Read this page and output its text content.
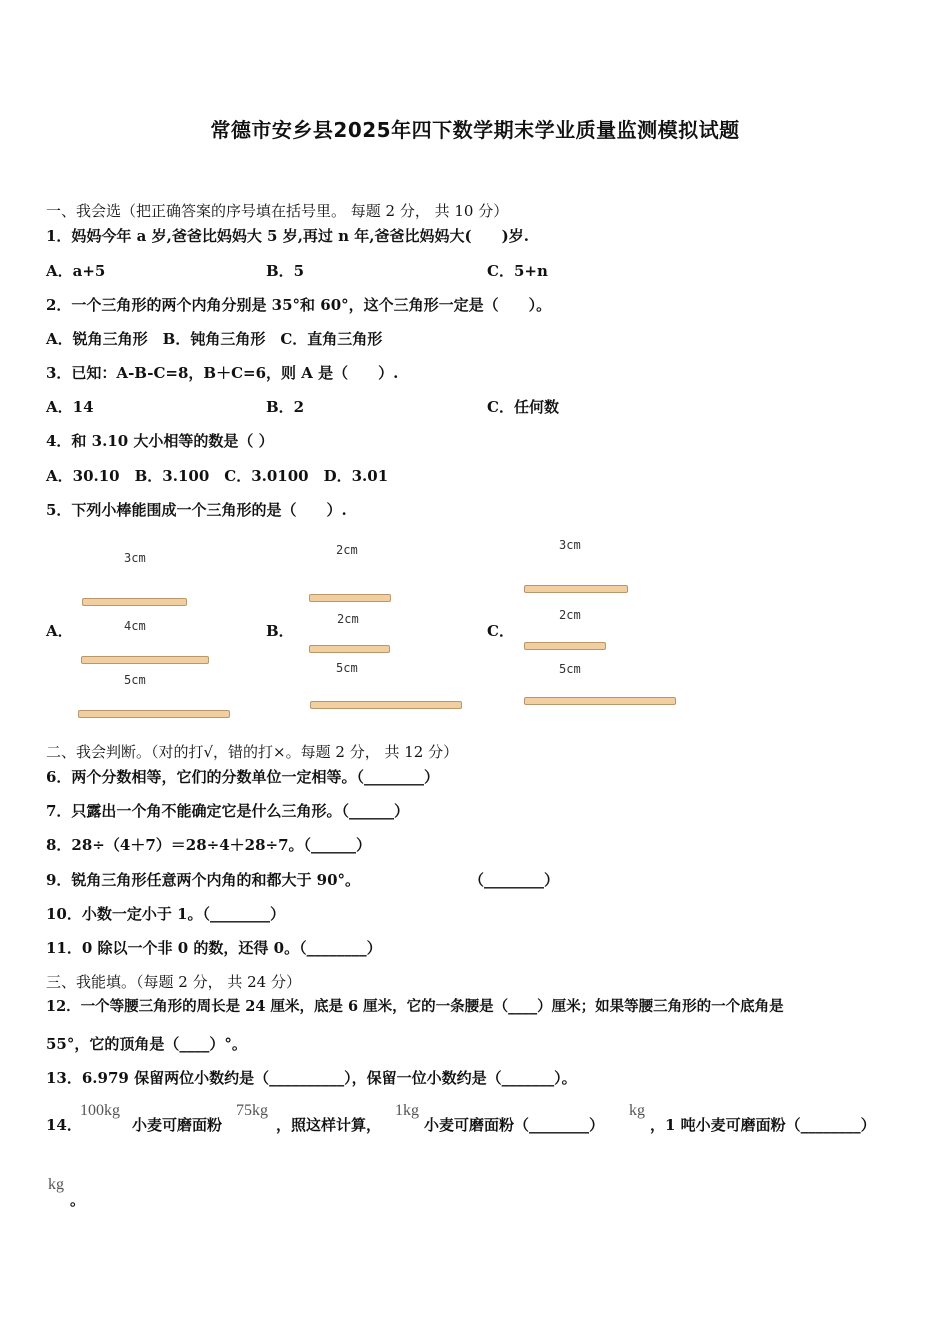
常德市安乡县2025年四下数学期末学业质量监测模拟试题
一、我会选（把正确答案的序号填在括号里。 每题 2 分， 共 10 分）
1．妈妈今年 a 岁,爸爸比妈妈大 5 岁,再过 n 年,爸爸比妈妈大(　　)岁.
A．a+5	B．5	C．5+n
2．一个三角形的两个内角分别是 35°和 60°，这个三角形一定是（　　）。
A．锐角三角形　B．钝角三角形　C．直角三角形
3．已知：A-B-C=8，B＋C=6，则 A 是（　　）.
A．14	B．2	C．任何数
4．和 3.10 大小相等的数是（ ）
A．30.10　B．3.100　C．3.0100　D．3.01
5．下列小棒能围成一个三角形的是（　　）.
A．
3cm
4cm
5cm
B．
2cm
2cm
5cm
C．
3cm
2cm
5cm
二、我会判断。（对的打√，错的打×。每题 2 分， 共 12 分）
6．两个分数相等，它们的分数单位一定相等。（________）
7．只露出一个角不能确定它是什么三角形。（______）
8．28÷（4＋7）＝28÷4＋28÷7。（______）
9．锐角三角形任意两个内角的和都大于 90°。	（________）
10．小数一定小于 1。（________）
11．0 除以一个非 0 的数，还得 0。（________）
三、我能填。（每题 2 分， 共 24 分）
12．一个等腰三角形的周长是 24 厘米，底是 6 厘米，它的一条腰是（____）厘米；如果等腰三角形的一个底角是
55°，它的顶角是（____）°。
13．6.979 保留两位小数约是（__________），保留一位小数约是（_______）。
14．
100kg
小麦可磨面粉
75kg
，照这样计算，
1kg
小麦可磨面粉（________）
kg
，1 吨小麦可磨面粉（________）
kg
。
